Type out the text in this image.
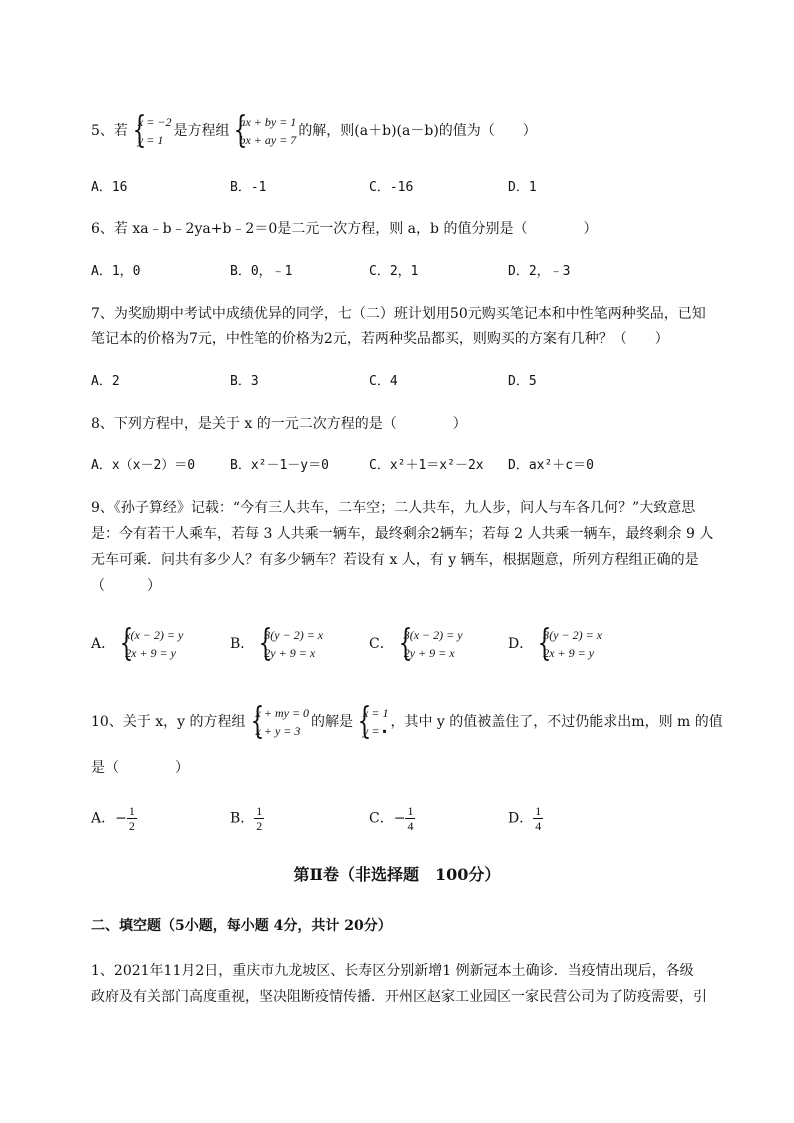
5、若
{ x = −2
y = 1
是方程组
{ ax + by = 1
bx + ay = 7
的解，则(a＋b)(a－b)的值为（　　）
A．16	B．-1	C．-16	D．1
6、若 xa﹣b﹣2ya+b﹣2＝0是二元一次方程，则 a，b 的值分别是（　　　　）
A．1，0	B．0，﹣1	C．2，1	D．2，﹣3
7、为奖励期中考试中成绩优异的同学，七（二）班计划用50元购买笔记本和中性笔两种奖品，已知
笔记本的价格为7元，中性笔的价格为2元，若两种奖品都买，则购买的方案有几种？（　　）
A．2	B．3	C．4	D．5
8、下列方程中，是关于 x 的一元二次方程的是（　　　　）
A．x（x－2）＝0	B．x²－1－y＝0	C．x²＋1＝x²－2x D．ax²＋c＝0
9、《孙子算经》记载：“今有三人共车，二车空；二人共车，九人步，问人与车各几何？”大致意思
是：今有若干人乘车，若每 3 人共乘一辆车，最终剩余2辆车；若每 2 人共乘一辆车，最终剩余 9 人
无车可乘．问共有多少人？有多少辆车？若设有 x 人，有 y 辆车，根据题意，所列方程组正确的是
（　　　）
A．
{ x(x − 2) = y
2x + 9 = y
B．
{ 3(y − 2) = x
2y + 9 = x
C．
{ 3(x − 2) = y
2y + 9 = x
D．
{ 3(y − 2) = x
2x + 9 = y
10、关于 x，y 的方程组
{ x + my = 0
x + y = 3
的解是
{ x = 1
y = ▪
，其中 y 的值被盖住了，不过仍能求出m，则 m 的值
是（　　　　）
A．− $\frac{1}{2}$	B． $\frac{1}{2}$	C．− $\frac{1}{4}$	D． $\frac{1}{4}$
第Ⅱ卷（非选择题　100分）
二、填空题（5小题，每小题 4分，共计 20分）
1、2021年11月2日，重庆市九龙坡区、长寿区分别新增1 例新冠本土确诊．当疫情出现后，各级
政府及有关部门高度重视，坚决阻断疫情传播．开州区赵家工业园区一家民营公司为了防疫需要，引
